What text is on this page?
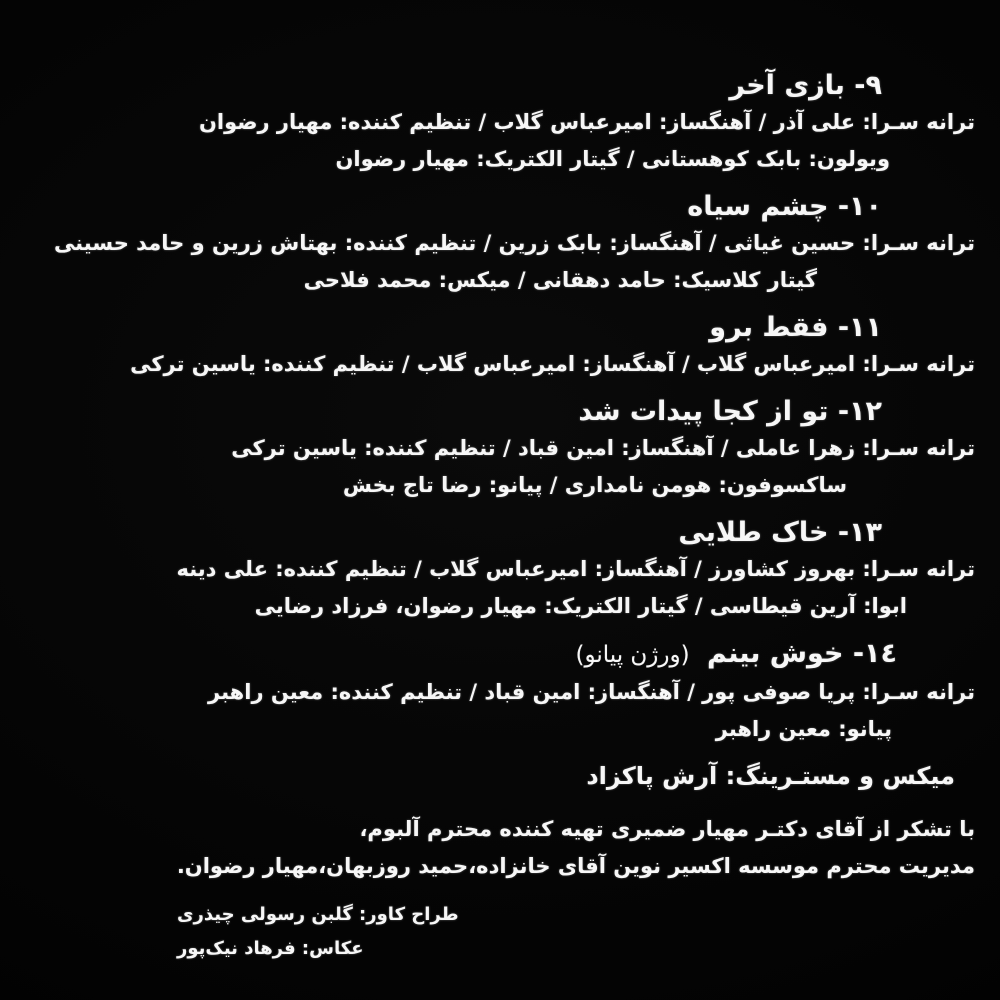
٩- بازی آخر
ترانه سـرا: علی آذر / آهنگساز: امیرعباس گلاب / تنظیم کننده: مهیار رضوان
ویولون: بابک کوهستانی / گیتار الکتریک: مهیار رضوان
١٠- چشم سیاه
ترانه سـرا: حسین غیاثی / آهنگساز: بابک زرین / تنظیم کننده: بهتاش زرین و حامد حسینی
گیتار کلاسیک: حامد دهقانی / میکس: محمد فلاحی
١١- فقط برو
ترانه سـرا: امیرعباس گلاب / آهنگساز: امیرعباس گلاب / تنظیم کننده: یاسین ترکی
١٢- تو از کجا پیدات شد
ترانه سـرا: زهرا عاملی / آهنگساز: امین قباد / تنظیم کننده: یاسین ترکی
ساکسوفون: هومن نامداری / پیانو: رضا تاج بخش
١٣- خاک طلایی
ترانه سـرا: بهروز کشاورز / آهنگساز: امیرعباس گلاب / تنظیم کننده: علی دینه
ابوا: آرین قیطاسی / گیتار الکتریک: مهیار رضوان، فرزاد رضایی
١٤- خوش بینم (ورژن پیانو)
ترانه سـرا: پریا صوفی پور / آهنگساز: امین قباد / تنظیم کننده: معین راهبر
پیانو: معین راهبر
میکس و مستـرینگ: آرش پاکزاد
با تشکر از آقای دکتـر مهیار ضمیری تهیه کننده محترم آلبوم،
مدیریت محترم موسسه اکسیر نوین آقای خانزاده،حمید روزبهان،مهیار رضوان.
طراح کاور: گلبن رسولی چیذری
عکاس: فرهاد نیک‌پور
